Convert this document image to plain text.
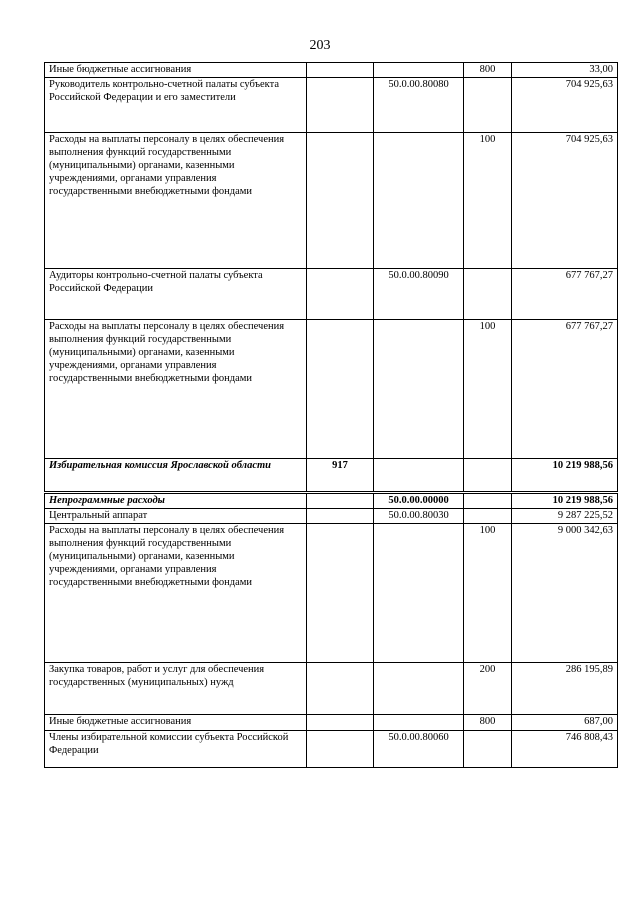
203
Иные бюджетные ассигнования			800	33,00
Руководитель контрольно-счетной палаты субъекта Российской Федерации и его заместители		50.0.00.80080		704 925,63
Расходы на выплаты персоналу в целях обеспечения выполнения функций государственными (муниципальными) органами, казенными учреждениями, органами управления государственными внебюджетными фондами			100	704 925,63
Аудиторы контрольно-счетной палаты субъекта Российской Федерации		50.0.00.80090		677 767,27
Расходы на выплаты персоналу в целях обеспечения выполнения функций государственными (муниципальными) органами, казенными учреждениями, органами управления государственными внебюджетными фондами			100	677 767,27
Избирательная комиссия Ярославской области	917			10 219 988,56
Непрограммные расходы		50.0.00.00000		10 219 988,56
Центральный аппарат		50.0.00.80030		9 287 225,52
Расходы на выплаты персоналу в целях обеспечения выполнения функций государственными (муниципальными) органами, казенными учреждениями, органами управления государственными внебюджетными фондами			100	9 000 342,63
Закупка товаров, работ и услуг для обеспечения государственных (муниципальных) нужд			200	286 195,89
Иные бюджетные ассигнования			800	687,00
Члены избирательной комиссии субъекта Российской Федерации		50.0.00.80060		746 808,43
